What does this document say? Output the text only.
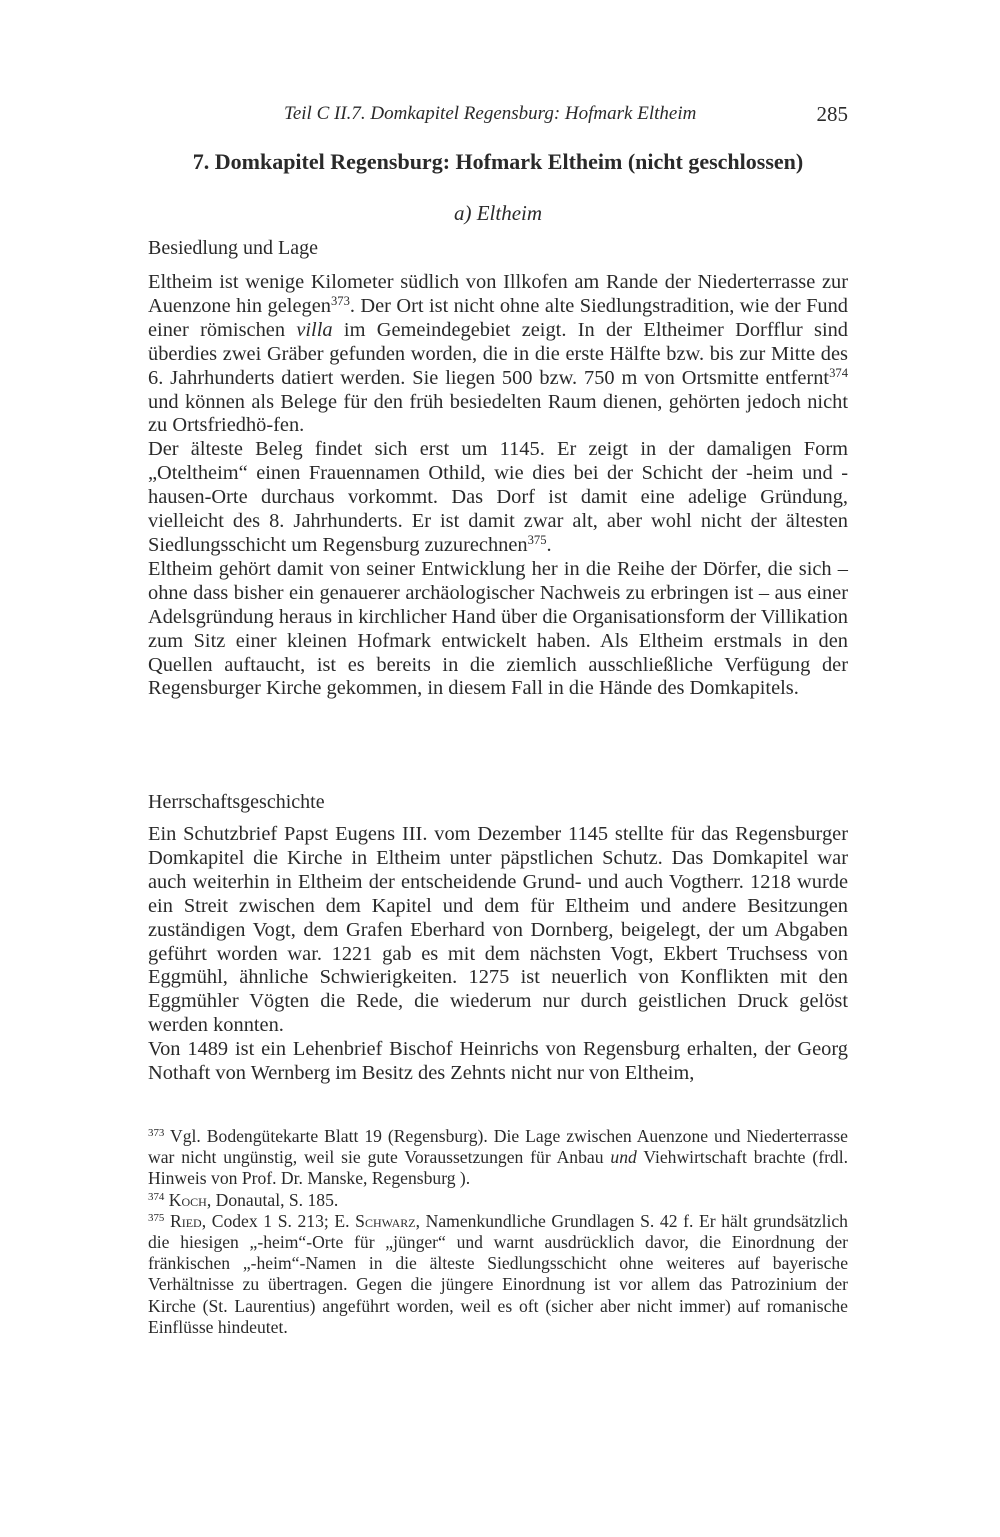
Teil C II.7. Domkapitel Regensburg: Hofmark Eltheim	285
7. Domkapitel Regensburg: Hofmark Eltheim (nicht geschlossen)
a) Eltheim
Besiedlung und Lage

Eltheim ist wenige Kilometer südlich von Illkofen am Rande der Niederterrasse zur Auenzone hin gelegen$^{373}$. Der Ort ist nicht ohne alte Siedlungstradition, wie der Fund einer römischen villa im Gemeindegebiet zeigt. In der Eltheimer Dorfflur sind überdies zwei Gräber gefunden worden, die in die erste Hälfte bzw. bis zur Mitte des 6. Jahrhunderts datiert werden. Sie liegen 500 bzw. 750 m von Ortsmitte entfernt$^{374}$ und können als Belege für den früh besiedelten Raum dienen, gehörten jedoch nicht zu Ortsfriedhö-fen.

Der älteste Beleg findet sich erst um 1145. Er zeigt in der damaligen Form „Oteltheim“ einen Frauennamen Othild, wie dies bei der Schicht der -heim und -hausen-Orte durchaus vorkommt. Das Dorf ist damit eine adelige Gründung, vielleicht des 8. Jahrhunderts. Er ist damit zwar alt, aber wohl nicht der ältesten Siedlungsschicht um Regensburg zuzurechnen$^{375}$.

Eltheim gehört damit von seiner Entwicklung her in die Reihe der Dörfer, die sich – ohne dass bisher ein genauerer archäologischer Nachweis zu erbringen ist – aus einer Adelsgründung heraus in kirchlicher Hand über die Organisationsform der Villikation zum Sitz einer kleinen Hofmark entwickelt haben. Als Eltheim erstmals in den Quellen auftaucht, ist es bereits in die ziemlich ausschließliche Verfügung der Regensburger Kirche gekommen, in diesem Fall in die Hände des Domkapitels.

Herrschaftsgeschichte

Ein Schutzbrief Papst Eugens III. vom Dezember 1145 stellte für das Regensburger Domkapitel die Kirche in Eltheim unter päpstlichen Schutz. Das Domkapitel war auch weiterhin in Eltheim der entscheidende Grund- und auch Vogtherr. 1218 wurde ein Streit zwischen dem Kapitel und dem für Eltheim und andere Besitzungen zuständigen Vogt, dem Grafen Eberhard von Dornberg, beigelegt, der um Abgaben geführt worden war. 1221 gab es mit dem nächsten Vogt, Ekbert Truchsess von Eggmühl, ähnliche Schwierigkeiten. 1275 ist neuerlich von Konflikten mit den Eggmühler Vögten die Rede, die wiederum nur durch geistlichen Druck gelöst werden konnten.

Von 1489 ist ein Lehenbrief Bischof Heinrichs von Regensburg erhalten, der Georg Nothaft von Wernberg im Besitz des Zehnts nicht nur von Eltheim,

$^{373}$ Vgl. Bodengütekarte Blatt 19 (Regensburg). Die Lage zwischen Auenzone und Niederterrasse war nicht ungünstig, weil sie gute Voraussetzungen für Anbau und Viehwirtschaft brachte (frdl. Hinweis von Prof. Dr. Manske, Regensburg ).

$^{374}$ Koch, Donautal, S. 185.

$^{375}$ Ried, Codex 1 S. 213; E. Schwarz, Namenkundliche Grundlagen S. 42 f. Er hält grundsätzlich die hiesigen „-heim“-Orte für „jünger“ und warnt ausdrücklich davor, die Einordnung der fränkischen „-heim“-Namen in die älteste Siedlungsschicht ohne weiteres auf bayerische Verhältnisse zu übertragen. Gegen die jüngere Einordnung ist vor allem das Patrozinium der Kirche (St. Laurentius) angeführt worden, weil es oft (sicher aber nicht immer) auf romanische Einflüsse hindeutet.
